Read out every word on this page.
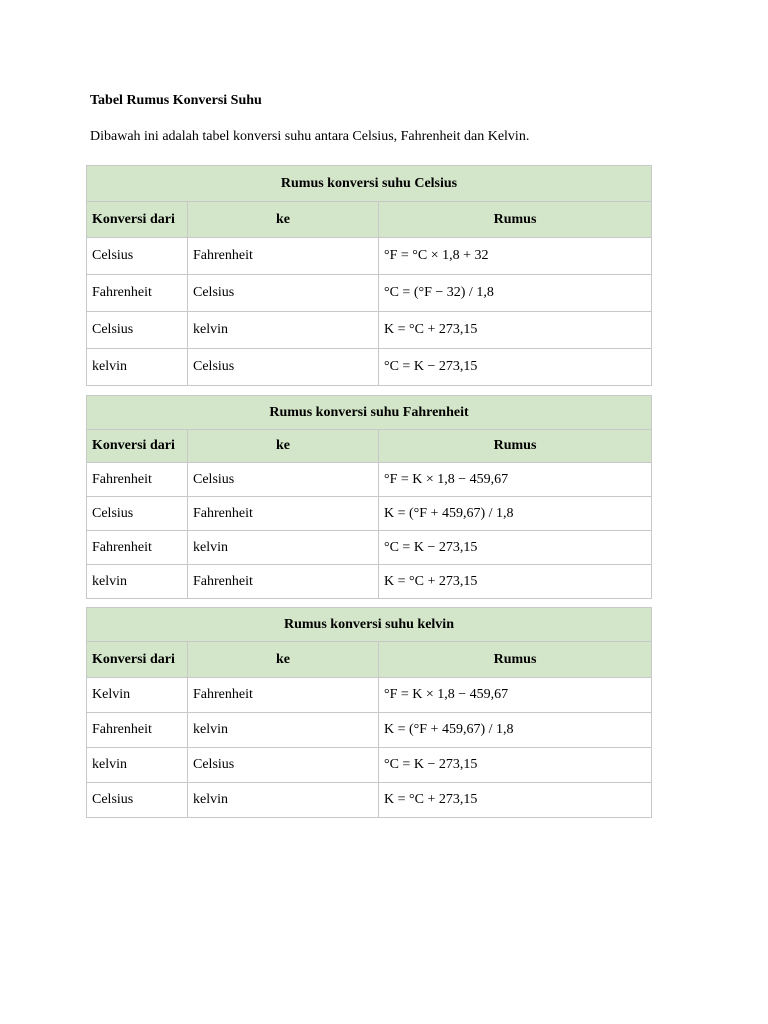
Tabel Rumus Konversi Suhu
Dibawah ini adalah tabel konversi suhu antara Celsius, Fahrenheit dan Kelvin.
Rumus konversi suhu Celsius		
Konversi dari	ke	Rumus
Celsius	Fahrenheit	°F = °C × 1,8 + 32
Fahrenheit	Celsius	°C = (°F − 32) / 1,8
Celsius	kelvin	K = °C + 273,15
kelvin	Celsius	°C = K − 273,15
Rumus konversi suhu Fahrenheit		
Konversi dari	ke	Rumus
Fahrenheit	Celsius	°F = K × 1,8 − 459,67
Celsius	Fahrenheit	K = (°F + 459,67) / 1,8
Fahrenheit	kelvin	°C = K − 273,15
kelvin	Fahrenheit	K = °C + 273,15
Rumus konversi suhu kelvin		
Konversi dari	ke	Rumus
Kelvin	Fahrenheit	°F = K × 1,8 − 459,67
Fahrenheit	kelvin	K = (°F + 459,67) / 1,8
kelvin	Celsius	°C = K − 273,15
Celsius	kelvin	K = °C + 273,15
